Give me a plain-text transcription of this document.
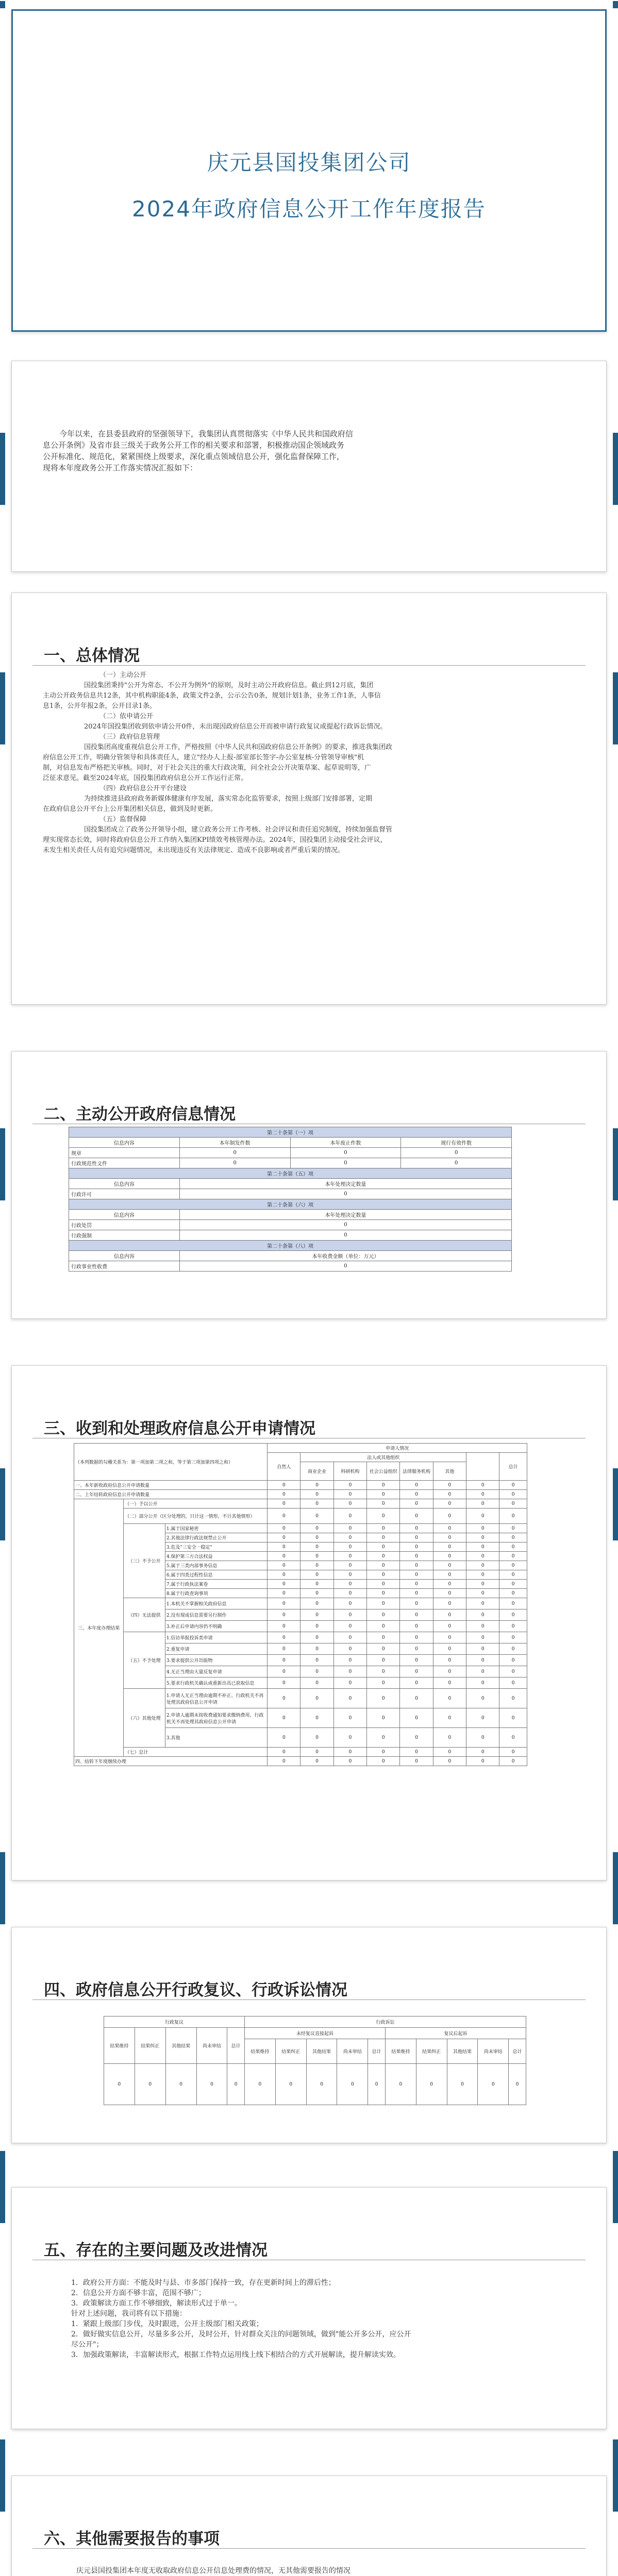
庆元县国投集团公司
2024年政府信息公开工作年度报告
今年以来，在县委县政府的坚强领导下，我集团认真贯彻落实《中华人民共和国政府信
息公开条例》及省市县三级关于政务公开工作的相关要求和部署，积极推动国企领域政务
公开标准化、规范化，紧紧围绕上级要求，深化重点领域信息公开，强化监督保障工作，
现将本年度政务公开工作落实情况汇报如下：
一、总体情况
（一）主动公开
国投集团秉持"公开为常态、不公开为例外"的原则，及时主动公开政府信息。截止到12月底，集团
主动公开政务信息共12条，其中机构职能4条，政策文件2条，公示公告0条，规划计划1条，业务工作1条，人事信
息1条，公开年报2条，公开目录1条。
（二）依申请公开
2024年国投集团收到依申请公开0件，未出现因政府信息公开而被申请行政复议或提起行政诉讼情况。
（三）政府信息管理
国投集团高度重视信息公开工作，严格按照《中华人民共和国政府信息公开条例》的要求，推进我集团政
府信息公开工作，明确分管领导和具体责任人，建立"经办人上报-部室部长签字-办公室复核-分管领导审核"机
制，对信息发布严格把关审核。同时，对于社会关注的重大行政决策，问全社会公开决策草案、起草说明等，广
泛征求意见。截至2024年底，国投集团政府信息公开工作运行正常。
（四）政府信息公开平台建设
为持续推进县政府政务新媒体健康有序发展，落实常态化监管要求，按照上级部门安排部署，定期
在政府信息公开平台上公开集团相关信息，做到及时更新。
（五）监督保障
国投集团成立了政务公开领导小组，建立政务公开工作考核、社会评议和责任追究制度，持续加强监督管
理实现常态长效，同时将政府信息公开工作纳入集团KPI绩效考核管理办法。2024年，国投集团主动接受社会评议，
未发生相关责任人员有追究问题情况，未出现违反有关法律规定、造成不良影响或者严重后果的情况。
二、主动公开政府信息情况
第二十条第（一）项			
信息内容	本年制发件数	本年废止件数	现行有效件数
规章	0	0	0
行政规范性文件	0	0	0
第二十条第（五）项			
信息内容	本年处理决定数量		
行政许可	0		
第二十条第（六）项			
信息内容	本年处理决定数量		
行政处罚	0		
行政强制	0		
第二十条第（八）项			
信息内容	本年收费金额（单位：万元）		
行政事业性收费	0		
三、收到和处理政府信息公开申请情况
（本列数据的勾稽关系为：第一项加第二项之和，等于第三项加第四项之和）			申请人情况							
			自然人	法人或其他组织						总计
				商业企业	科研机构	社会公益组织	法律服务机构	其他		
一、本年新收政府信息公开申请数量			0	0	0	0	0	0	0	0
二、上年结转政府信息公开申请数量			0	0	0	0	0	0	0	0
三、本年度办理结果	（一）予以公开		0	0	0	0	0	0	0	0
	（二）部分公开（区分处理的，只计这一情形，不计其他情形）		0	0	0	0	0	0	0	0
	（三）不予公开	1.属于国家秘密	0	0	0	0	0	0	0	0
		2.其他法律行政法规禁止公开	0	0	0	0	0	0	0	0
		3.危及"三安全一稳定"	0	0	0	0	0	0	0	0
		4.保护第三方合法权益	0	0	0	0	0	0	0	0
		5.属于三类内部事务信息	0	0	0	0	0	0	0	0
		6.属于四类过程性信息	0	0	0	0	0	0	0	0
		7.属于行政执法案卷	0	0	0	0	0	0	0	0
		8.属于行政查询事项	0	0	0	0	0	0	0	0
	（四）无法提供	1.本机关不掌握相关政府信息	0	0	0	0	0	0	0	0
		2.没有现成信息需要另行制作	0	0	0	0	0	0	0	0
		3.补正后申请内容仍不明确	0	0	0	0	0	0	0	0
	（五）不予处理	1.信访举报投诉类申请	0	0	0	0	0	0	0	0
		2.重复申请	0	0	0	0	0	0	0	0
		3.要求提供公开出版物	0	0	0	0	0	0	0	0
		4.无正当理由大量反复申请	0	0	0	0	0	0	0	0
		5.要求行政机关确认或重新出具已获取信息	0	0	0	0	0	0	0	0
	（六）其他处理	1.申请人无正当理由逾期不补正、行政机关不再处理其政府信息公开申请	0	0	0	0	0	0	0	0
		2.申请人逾期未按收费通知要求缴纳费用、行政机关不再处理其政府信息公开申请	0	0	0	0	0	0	0	0
		3.其他	0	0	0	0	0	0	0	0
	（七）总计		0	0	0	0	0	0	0	0
四、结转下年度继续办理			0	0	0	0	0	0	0	0
四、政府信息公开行政复议、行政诉讼情况
行政复议					行政诉讼									
结果维持	结果纠正	其他结果	尚未审结	总计	未经复议直接起诉					复议后起诉				
					结果维持	结果纠正	其他结果	尚未审结	总计	结果维持	结果纠正	其他结果	尚未审结	总计
0	0	0	0	0	0	0	0	0	0	0	0	0	0	0
五、存在的主要问题及改进情况
1．政府公开方面：不能及时与县、市多部门保持一致，存在更新时间上的滞后性；
2．信息公开方面不够丰富，范围不够广；
3．政策解读方面工作不够细致，解读形式过于单一。
针对上述问题，我司将有以下措施：
1．紧跟上级部门步伐，及时跟进，公开主级部门相关政策；
2．做好做实信息公开，尽量多多公开，及时公开，针对群众关注的问题领域，做到"能公开多公开，应公开
尽公开"；
3．加强政策解读，丰富解读形式，根据工作特点运用线上线下相结合的方式开展解读，提升解读实效。
六、其他需要报告的事项
庆元县国投集团本年度无收取政府信息公开信息处理费的情况，无其他需要报告的情况
